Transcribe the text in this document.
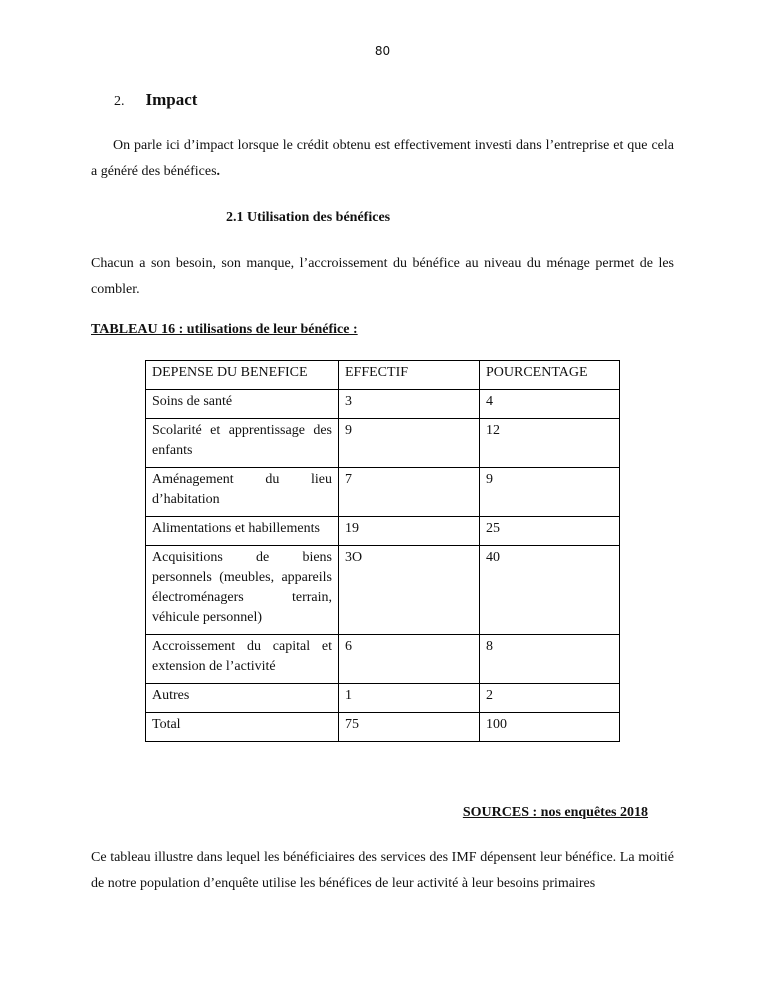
80
2. Impact
On parle ici d’impact lorsque le crédit obtenu est effectivement investi dans l’entreprise et que cela a généré des bénéfices.
2.1 Utilisation des bénéfices
Chacun a son besoin, son manque, l’accroissement du bénéfice au niveau du ménage permet de les combler.
TABLEAU 16 : utilisations de leur bénéfice :
DEPENSE DU BENEFICE	EFFECTIF	POURCENTAGE
Soins de santé	3	4
Scolarité et apprentissage des enfants	9	12
Aménagement du lieu d’habitation	7	9
Alimentations et habillements	19	25
Acquisitions de biens personnels (meubles, appareils électroménagers terrain, véhicule personnel)	3O	40
Accroissement du capital et extension de l’activité	6	8
Autres	1	2
Total	75	100
SOURCES : nos enquêtes 2018
Ce tableau illustre dans lequel les bénéficiaires des services des IMF dépensent leur bénéfice. La moitié de notre population d’enquête utilise les bénéfices de leur activité à leur besoins primaires
